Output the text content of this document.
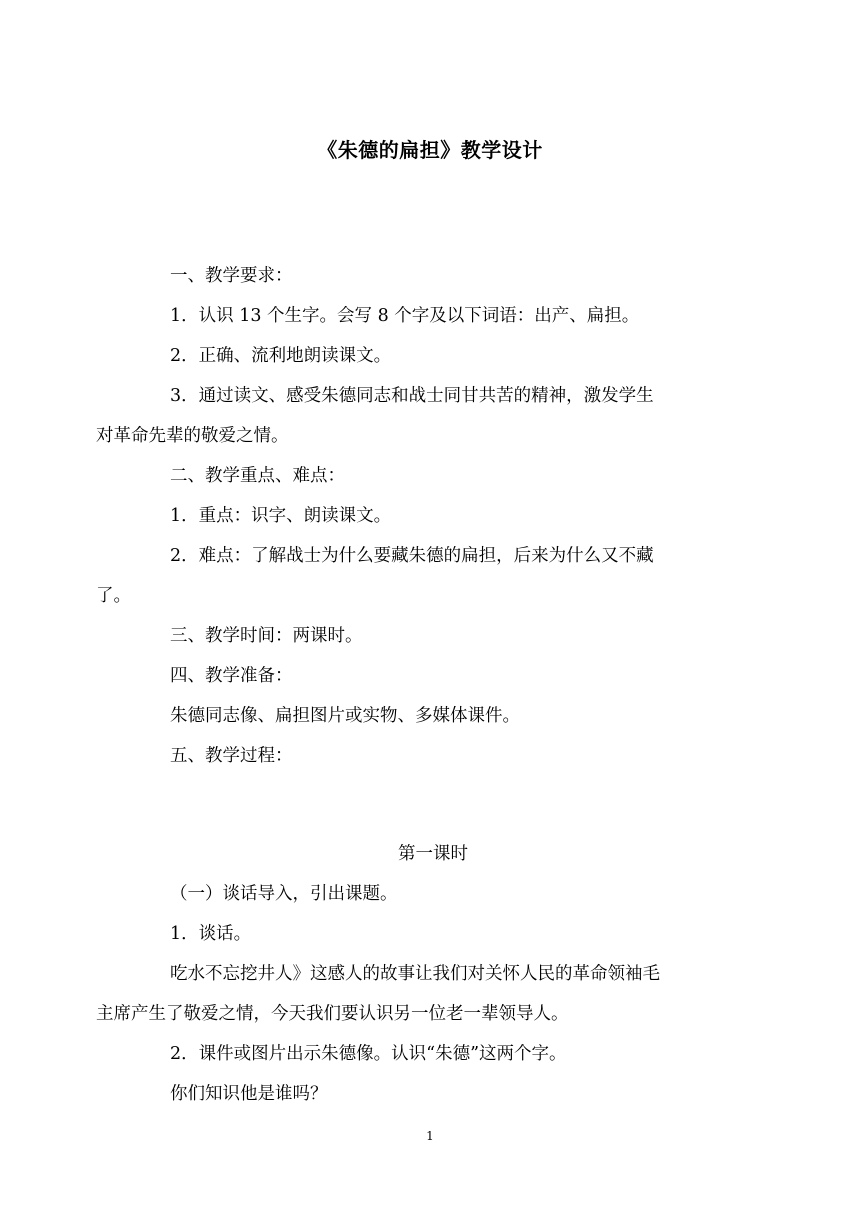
《朱德的扁担》教学设计

一、教学要求：

1．认识 13 个生字。会写 8 个字及以下词语：出产、扁担。

2．正确、流利地朗读课文。

3．通过读文、感受朱德同志和战士同甘共苦的精神，激发学生
对革命先辈的敬爱之情。

二、教学重点、难点：

1．重点：识字、朗读课文。

2．难点：了解战士为什么要藏朱德的扁担，后来为什么又不藏
了。

三、教学时间：两课时。

四、教学准备：

朱德同志像、扁担图片或实物、多媒体课件。

五、教学过程：

第一课时

（一）谈话导入，引出课题。

1．谈话。

吃水不忘挖井人》这感人的故事让我们对关怀人民的革命领袖毛
主席产生了敬爱之情，今天我们要认识另一位老一辈领导人。

2．课件或图片出示朱德像。认识“朱德”这两个字。

你们知识他是谁吗？

1
